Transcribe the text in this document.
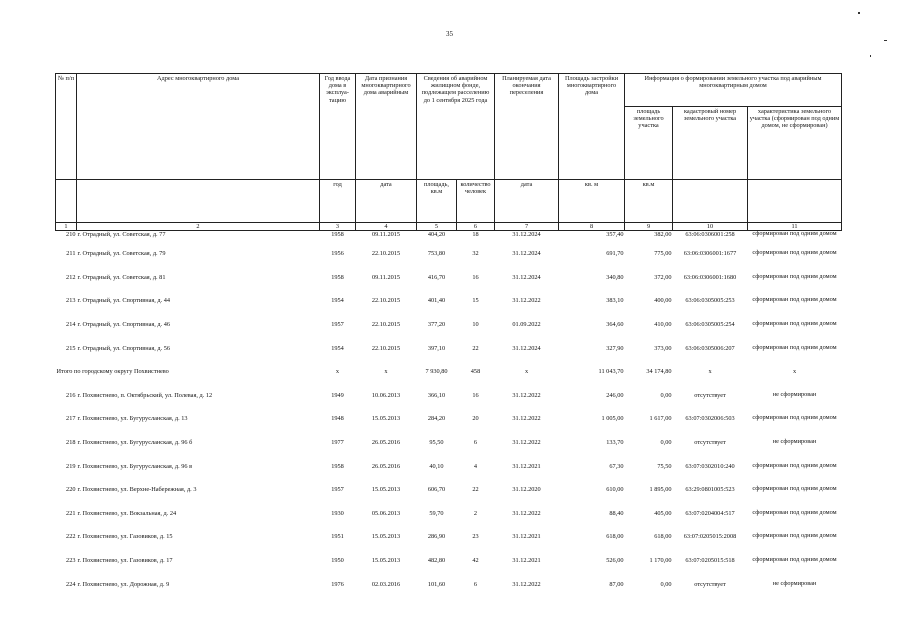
35
№ п/п	Адрес многоквартирного дома	Год ввода дома в эксплуа-тацию	Дата признания многоквартирного дома аварийным	Сведения об аварийном жилищном фонде, подлежащем расселению до 1 сентября 2025 года		Планируемая дата окончания переселения	Площадь застройки многоквартирного дома	Информация о формировании земельного участка под аварийным многоквартирным домом		
								площадь земельного участка	кадастровый номер земельного участка	характеристика земельного участка (сформирован под одним домом, не сформирован)
		год	дата	площадь, кв.м	количество человек	дата	кв. м	кв.м		
1	2	3	4	5	6	7	8	9	10	11
210	г. Отрадный, ул. Советская, д. 77	1958	09.11.2015	404,20	18	31.12.2024	357,40	382,00	63:06:0306001:258	сформирован под одним домом
211	г. Отрадный, ул. Советская, д. 79	1956	22.10.2015	753,80	32	31.12.2024	691,70	775,00	63:06:0306001:1677	сформирован под одним домом
212	г. Отрадный, ул. Советская, д. 81	1958	09.11.2015	416,70	16	31.12.2024	340,80	372,00	63:06:0306001:1680	сформирован под одним домом
213	г. Отрадный, ул. Спортивная, д. 44	1954	22.10.2015	401,40	15	31.12.2022	383,10	400,00	63:06:0305005:253	сформирован под одним домом
214	г. Отрадный, ул. Спортивная, д. 46	1957	22.10.2015	377,20	10	01.09.2022	364,60	410,00	63:06:0305005:254	сформирован под одним домом
215	г. Отрадный, ул. Спортивная, д. 56	1954	22.10.2015	397,10	22	31.12.2024	327,90	373,00	63:06:0305006:207	сформирован под одним домом
Итого по городскому округу Похвистнево		x	x	7 930,80	458	x	11 043,70	34 174,80	x	x
216	г. Похвистнево, п. Октябрьский, ул. Полевая, д. 12	1949	10.06.2013	366,10	16	31.12.2022	246,00	0,00	отсутствует	не сформирован
217	г. Похвистнево, ул. Бугурусланская, д. 13	1948	15.05.2013	284,20	20	31.12.2022	1 005,00	1 617,00	63:07:0302006:503	сформирован под одним домом
218	г. Похвистнево, ул. Бугурусланская, д. 96 б	1977	26.05.2016	95,50	6	31.12.2022	133,70	0,00	отсутствует	не сформирован
219	г. Похвистнево, ул. Бугурусланская, д. 96 в	1958	26.05.2016	40,10	4	31.12.2021	67,30	75,50	63:07:0302010:240	сформирован под одним домом
220	г. Похвистнево, ул. Верхне-Набережная, д. 3	1957	15.05.2013	606,70	22	31.12.2020	610,00	1 895,00	63:29:0801005:523	сформирован под одним домом
221	г. Похвистнево, ул. Вокзальная, д. 24	1930	05.06.2013	59,70	2	31.12.2022	88,40	405,00	63:07:0204004:517	сформирован под одним домом
222	г. Похвистнево, ул. Газовиков, д. 15	1951	15.05.2013	286,90	23	31.12.2021	618,00	618,00	63:07:0205015:2008	сформирован под одним домом
223	г. Похвистнево, ул. Газовиков, д. 17	1950	15.05.2013	482,80	42	31.12.2021	526,00	1 170,00	63:07:0205015:518	сформирован под одним домом
224	г. Похвистнево, ул. Дорожная, д. 9	1976	02.03.2016	101,60	6	31.12.2022	87,00	0,00	отсутствует	не сформирован
